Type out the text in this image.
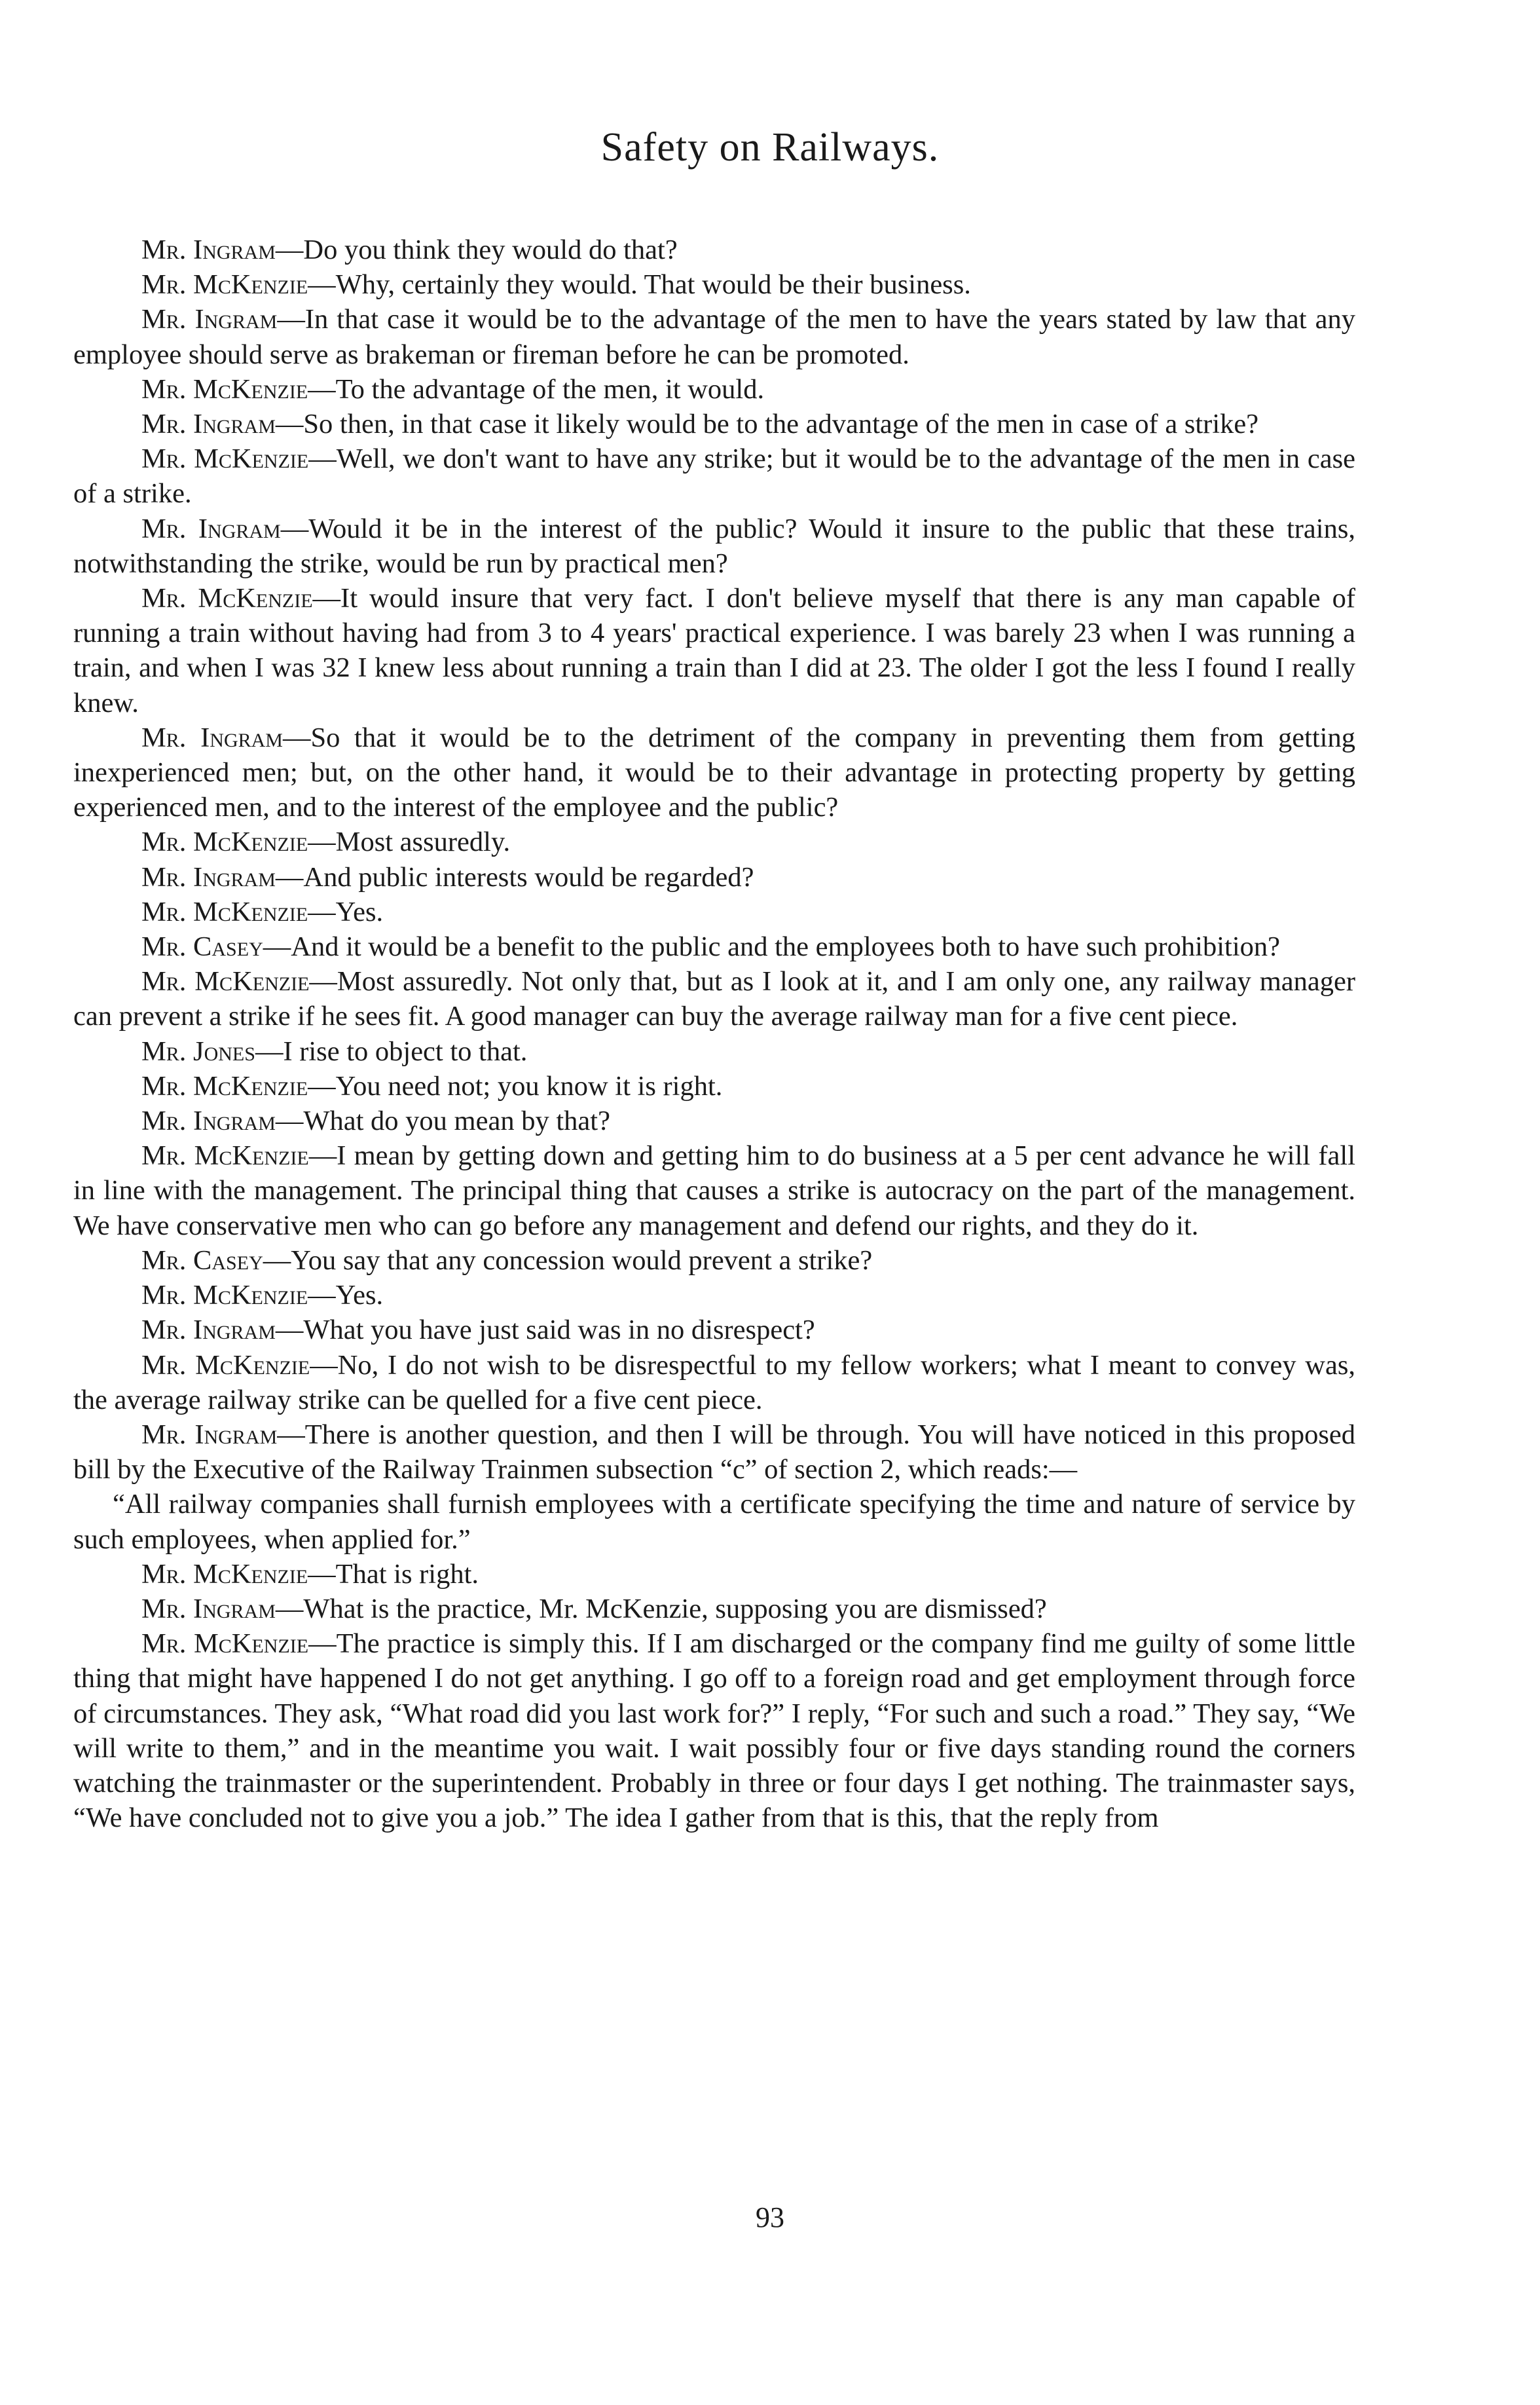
Safety on Railways.

Mr. Ingram—Do you think they would do that?

Mr. McKenzie—Why, certainly they would. That would be their business.

Mr. Ingram—In that case it would be to the advantage of the men to have the years stated by law that any employee should serve as brakeman or fireman before he can be promoted.

Mr. McKenzie—To the advantage of the men, it would.

Mr. Ingram—So then, in that case it likely would be to the advantage of the men in case of a strike?

Mr. McKenzie—Well, we don't want to have any strike; but it would be to the advantage of the men in case of a strike.

Mr. Ingram—Would it be in the interest of the public? Would it insure to the public that these trains, notwithstanding the strike, would be run by practical men?

Mr. McKenzie—It would insure that very fact. I don't believe myself that there is any man capable of running a train without having had from 3 to 4 years' practical experience. I was barely 23 when I was running a train, and when I was 32 I knew less about running a train than I did at 23. The older I got the less I found I really knew.

Mr. Ingram—So that it would be to the detriment of the company in preventing them from getting inexperienced men; but, on the other hand, it would be to their advantage in protecting property by getting experienced men, and to the interest of the employee and the public?

Mr. McKenzie—Most assuredly.

Mr. Ingram—And public interests would be regarded?

Mr. McKenzie—Yes.

Mr. Casey—And it would be a benefit to the public and the employees both to have such prohibition?

Mr. McKenzie—Most assuredly. Not only that, but as I look at it, and I am only one, any railway manager can prevent a strike if he sees fit. A good manager can buy the average railway man for a five cent piece.

Mr. Jones—I rise to object to that.

Mr. McKenzie—You need not; you know it is right.

Mr. Ingram—What do you mean by that?

Mr. McKenzie—I mean by getting down and getting him to do business at a 5 per cent advance he will fall in line with the management. The principal thing that causes a strike is autocracy on the part of the management. We have conservative men who can go before any management and defend our rights, and they do it.

Mr. Casey—You say that any concession would prevent a strike?

Mr. McKenzie—Yes.

Mr. Ingram—What you have just said was in no disrespect?

Mr. McKenzie—No, I do not wish to be disrespectful to my fellow workers; what I meant to convey was, the average railway strike can be quelled for a five cent piece.

Mr. Ingram—There is another question, and then I will be through. You will have noticed in this proposed bill by the Executive of the Railway Trainmen subsection “c” of section 2, which reads:—

“All railway companies shall furnish employees with a certificate specifying the time and nature of service by such employees, when applied for.”

Mr. McKenzie—That is right.

Mr. Ingram—What is the practice, Mr. McKenzie, supposing you are dismissed?

Mr. McKenzie—The practice is simply this. If I am discharged or the company find me guilty of some little thing that might have happened I do not get anything. I go off to a foreign road and get employment through force of circumstances. They ask, “What road did you last work for?” I reply, “For such and such a road.” They say, “We will write to them,” and in the meantime you wait. I wait possibly four or five days standing round the corners watching the trainmaster or the superintendent. Probably in three or four days I get nothing. The trainmaster says, “We have concluded not to give you a job.” The idea I gather from that is this, that the reply from

93
